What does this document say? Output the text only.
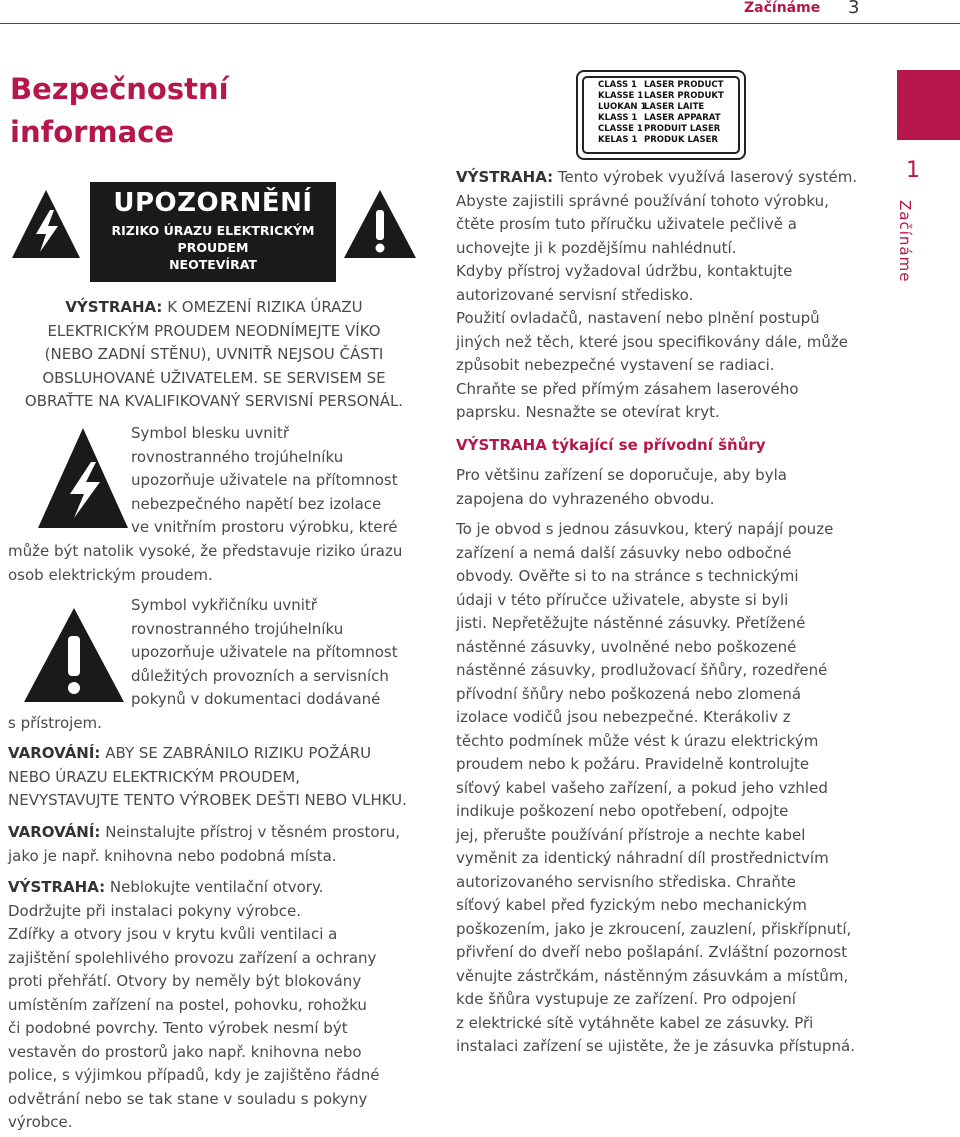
Začínáme 3
Bezpečnostní
informace
1
Začínáme
UPOZORNĚNÍ
RIZIKO ÚRAZU ELEKTRICKÝM
PROUDEM
NEOTEVÍRAT

VÝSTRAHA: K OMEZENÍ RIZIKA ÚRAZU

ELEKTRICKÝM PROUDEM NEODNÍMEJTE VÍKO

(NEBO ZADNÍ STĚNU), UVNITŘ NEJSOU ČÁSTI

OBSLUHOVANÉ UŽIVATELEM. SE SERVISEM SE

OBRAŤTE NA KVALIFIKOVANÝ SERVISNÍ PERSONÁL.

Symbol blesku uvnitř

rovnostranného trojúhelníku

upozorňuje uživatele na přítomnost

nebezpečného napětí bez izolace

ve vnitřním prostoru výrobku, které

může být natolik vysoké, že představuje riziko úrazu

osob elektrickým proudem.

Symbol vykřičníku uvnitř

rovnostranného trojúhelníku

upozorňuje uživatele na přítomnost

důležitých provozních a servisních

pokynů v dokumentaci dodávané

s přístrojem.

VAROVÁNÍ: ABY SE ZABRÁNILO RIZIKU POŽÁRU

NEBO ÚRAZU ELEKTRICKÝM PROUDEM,

NEVYSTAVUJTE TENTO VÝROBEK DEŠTI NEBO VLHKU.

VAROVÁNÍ: Neinstalujte přístroj v těsném prostoru,

jako je např. knihovna nebo podobná místa.

VÝSTRAHA: Neblokujte ventilační otvory.

Dodržujte při instalaci pokyny výrobce.

Zdířky a otvory jsou v krytu kvůli ventilaci a

zajištění spolehlivého provozu zařízení a ochrany

proti přehřátí. Otvory by neměly být blokovány

umístěním zařízení na postel, pohovku, rohožku

či podobné povrchy. Tento výrobek nesmí být

vestavěn do prostorů jako např. knihovna nebo

police, s výjimkou případů, kdy je zajištěno řádné

odvětrání nebo se tak stane v souladu s pokyny

výrobce.

CLASS 1 LASER PRODUCT
KLASSE 1LASER PRODUKT
LUOKAN 1LASER LAITE
KLASS 1 LASER APPARAT
CLASSE 1PRODUIT LASER
KELAS 1 PRODUK LASER

VÝSTRAHA: Tento výrobek využívá laserový systém.

Abyste zajistili správné používání tohoto výrobku,

čtěte prosím tuto příručku uživatele pečlivě a

uchovejte ji k pozdějšímu nahlédnutí.

Kdyby přístroj vyžadoval údržbu, kontaktujte

autorizované servisní středisko.

Použití ovladačů, nastavení nebo plnění postupů

jiných než těch, které jsou specifikovány dále, může

způsobit nebezpečné vystavení se radiaci.

Chraňte se před přímým zásahem laserového

paprsku. Nesnažte se otevírat kryt.

VÝSTRAHA týkající se přívodní šňůry

Pro většinu zařízení se doporučuje, aby byla

zapojena do vyhrazeného obvodu.

To je obvod s jednou zásuvkou, který napájí pouze

zařízení a nemá další zásuvky nebo odbočné

obvody. Ověřte si to na stránce s technickými

údaji v této příručce uživatele, abyste si byli

jisti. Nepřetěžujte nástěnné zásuvky. Přetížené

nástěnné zásuvky, uvolněné nebo poškozené

nástěnné zásuvky, prodlužovací šňůry, rozedřené

přívodní šňůry nebo poškozená nebo zlomená

izolace vodičů jsou nebezpečné. Kterákoliv z

těchto podmínek může vést k úrazu elektrickým

proudem nebo k požáru. Pravidelně kontrolujte

síťový kabel vašeho zařízení, a pokud jeho vzhled

indikuje poškození nebo opotřebení, odpojte

jej, přerušte používání přístroje a nechte kabel

vyměnit za identický náhradní díl prostřednictvím

autorizovaného servisního střediska. Chraňte

síťový kabel před fyzickým nebo mechanickým

poškozením, jako je zkroucení, zauzlení, přiskřípnutí,

přivření do dveří nebo pošlapání. Zvláštní pozornost

věnujte zástrčkám, nástěnným zásuvkám a místům,

kde šňůra vystupuje ze zařízení. Pro odpojení

z elektrické sítě vytáhněte kabel ze zásuvky. Při

instalaci zařízení se ujistěte, že je zásuvka přístupná.
